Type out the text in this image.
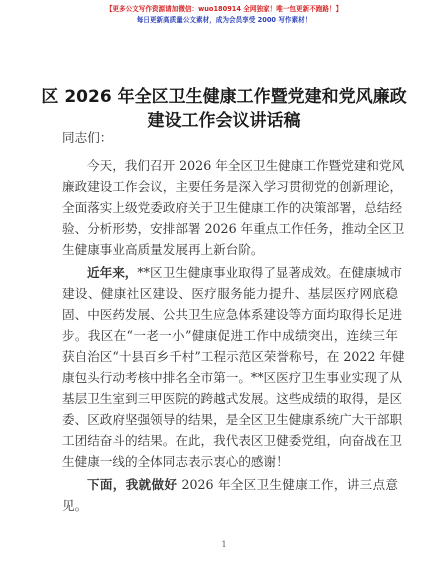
【更多公文写作资源请加微信：wuo180914 全网独家！唯一包更新不跑路！】
每日更新高质量公文素材，成为会员享受 2000 写作素材！
区 2026 年全区卫生健康工作暨党建和党风廉政
建设工作会议讲话稿
同志们：
今天，我们召开 2026 年全区卫生健康工作暨党建和党风
廉政建设工作会议，主要任务是深入学习贯彻党的创新理论，
全面落实上级党委政府关于卫生健康工作的决策部署，总结经
验、分析形势，安排部署 2026 年重点工作任务，推动全区卫
生健康事业高质量发展再上新台阶。
近年来，**区卫生健康事业取得了显著成效。在健康城市
建设、健康社区建设、医疗服务能力提升、基层医疗网底稳
固、中医药发展、公共卫生应急体系建设等方面均取得长足进
步。我区在“一老一小”健康促进工作中成绩突出，连续三年
获自治区“十县百乡千村”工程示范区荣誉称号，在 2022 年健
康包头行动考核中排名全市第一。**区医疗卫生事业实现了从
基层卫生室到三甲医院的跨越式发展。这些成绩的取得，是区
委、区政府坚强领导的结果，是全区卫生健康系统广大干部职
工团结奋斗的结果。在此，我代表区卫健委党组，向奋战在卫
生健康一线的全体同志表示衷心的感谢！
下面，我就做好 2026 年全区卫生健康工作，讲三点意
见。
1
